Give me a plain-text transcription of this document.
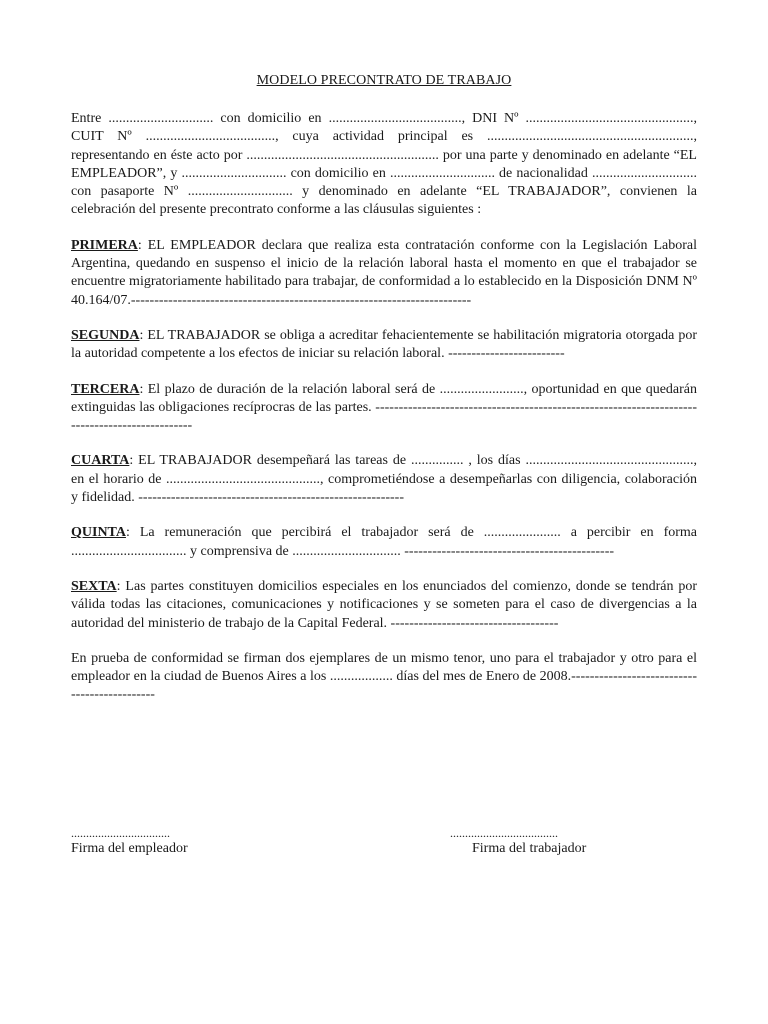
MODELO PRECONTRATO DE TRABAJO

Entre .............................. con domicilio en ......................................, DNI Nº ................................................, CUIT Nº ....................................., cuya actividad principal es ..........................................................., representando en éste acto por ....................................................... por una parte y denominado en adelante “EL EMPLEADOR”, y .............................. con domicilio en .............................. de nacionalidad .............................. con pasaporte Nº .............................. y denominado en adelante “EL TRABAJADOR”, convienen la celebración del presente precontrato conforme a las cláusulas siguientes :

PRIMERA: EL EMPLEADOR declara que realiza esta contratación conforme con la Legislación Laboral Argentina, quedando en suspenso el inicio de la relación laboral hasta el momento en que el trabajador se encuentre migratoriamente habilitado para trabajar, de conformidad a lo establecido en la Disposición DNM Nº 40.164/07.-------------------------------------------------------------------------

SEGUNDA: EL TRABAJADOR se obliga a acreditar fehacientemente se habilitación migratoria otorgada por la autoridad competente a los efectos de iniciar su relación laboral. -------------------------

TERCERA: El plazo de duración de la relación laboral será de ........................, oportunidad en que quedarán extinguidas las obligaciones recíprocras de las partes. -----------------------------------------------------------------------------------------------

CUARTA: EL TRABAJADOR desempeñará las tareas de ............... , los días ................................................, en el horario de ............................................, comprometiéndose a desempeñarlas con diligencia, colaboración y fidelidad. ---------------------------------------------------------

QUINTA: La remuneración que percibirá el trabajador será de ...................... a percibir en forma ................................. y comprensiva de ............................... ---------------------------------------------

SEXTA: Las partes constituyen domicilios especiales en los enunciados del comienzo, donde se tendrán por válida todas las citaciones, comunicaciones y notificaciones y se someten para el caso de divergencias a la autoridad del ministerio de trabajo de la Capital Federal. ------------------------------------

En prueba de conformidad se firman dos ejemplares de un mismo tenor, uno para el trabajador y otro para el empleador en la ciudad de Buenos Aires a los .................. días del mes de Enero de 2008.---------------------------------------------

.................................
Firma del empleador
....................................
Firma del trabajador
